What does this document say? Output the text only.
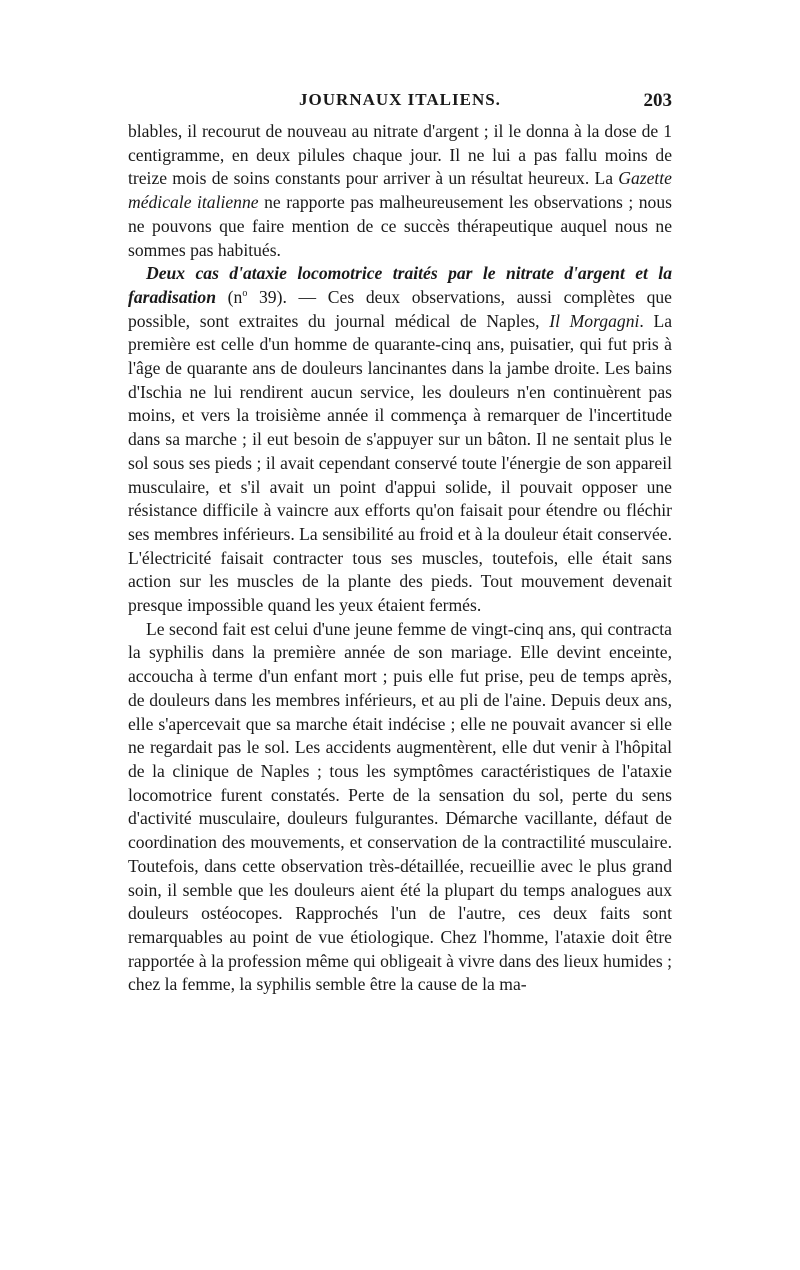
JOURNAUX ITALIENS.	203

blables, il recourut de nouveau au nitrate d'argent ; il le donna à la dose de 1 centigramme, en deux pilules chaque jour. Il ne lui a pas fallu moins de treize mois de soins constants pour arriver à un résultat heureux. La Gazette médicale italienne ne rapporte pas malheureusement les observations ; nous ne pouvons que faire mention de ce succès thérapeutique auquel nous ne sommes pas habitués.

Deux cas d'ataxie locomotrice traités par le nitrate d'argent et la faradisation ($n^o$ 39). — Ces deux observations, aussi complètes que possible, sont extraites du journal médical de Naples, Il Morgagni. La première est celle d'un homme de quarante-cinq ans, puisatier, qui fut pris à l'âge de quarante ans de douleurs lancinantes dans la jambe droite. Les bains d'Ischia ne lui rendirent aucun service, les douleurs n'en continuèrent pas moins, et vers la troisième année il commença à remarquer de l'incertitude dans sa marche ; il eut besoin de s'appuyer sur un bâton. Il ne sentait plus le sol sous ses pieds ; il avait cependant conservé toute l'énergie de son appareil musculaire, et s'il avait un point d'appui solide, il pouvait opposer une résistance difficile à vaincre aux efforts qu'on faisait pour étendre ou fléchir ses membres inférieurs. La sensibilité au froid et à la douleur était conservée. L'électricité faisait contracter tous ses muscles, toutefois, elle était sans action sur les muscles de la plante des pieds. Tout mouvement devenait presque impossible quand les yeux étaient fermés.

Le second fait est celui d'une jeune femme de vingt-cinq ans, qui contracta la syphilis dans la première année de son mariage. Elle devint enceinte, accoucha à terme d'un enfant mort ; puis elle fut prise, peu de temps après, de douleurs dans les membres inférieurs, et au pli de l'aine. Depuis deux ans, elle s'apercevait que sa marche était indécise ; elle ne pouvait avancer si elle ne regardait pas le sol. Les accidents augmentèrent, elle dut venir à l'hôpital de la clinique de Naples ; tous les symptômes caractéristiques de l'ataxie locomotrice furent constatés. Perte de la sensation du sol, perte du sens d'activité musculaire, douleurs fulgurantes. Démarche vacillante, défaut de coordination des mouvements, et conservation de la contractilité musculaire. Toutefois, dans cette observation très-détaillée, recueillie avec le plus grand soin, il semble que les douleurs aient été la plupart du temps analogues aux douleurs ostéocopes. Rapprochés l'un de l'autre, ces deux faits sont remarquables au point de vue étiologique. Chez l'homme, l'ataxie doit être rapportée à la profession même qui obligeait à vivre dans des lieux humides ; chez la femme, la syphilis semble être la cause de la ma-
